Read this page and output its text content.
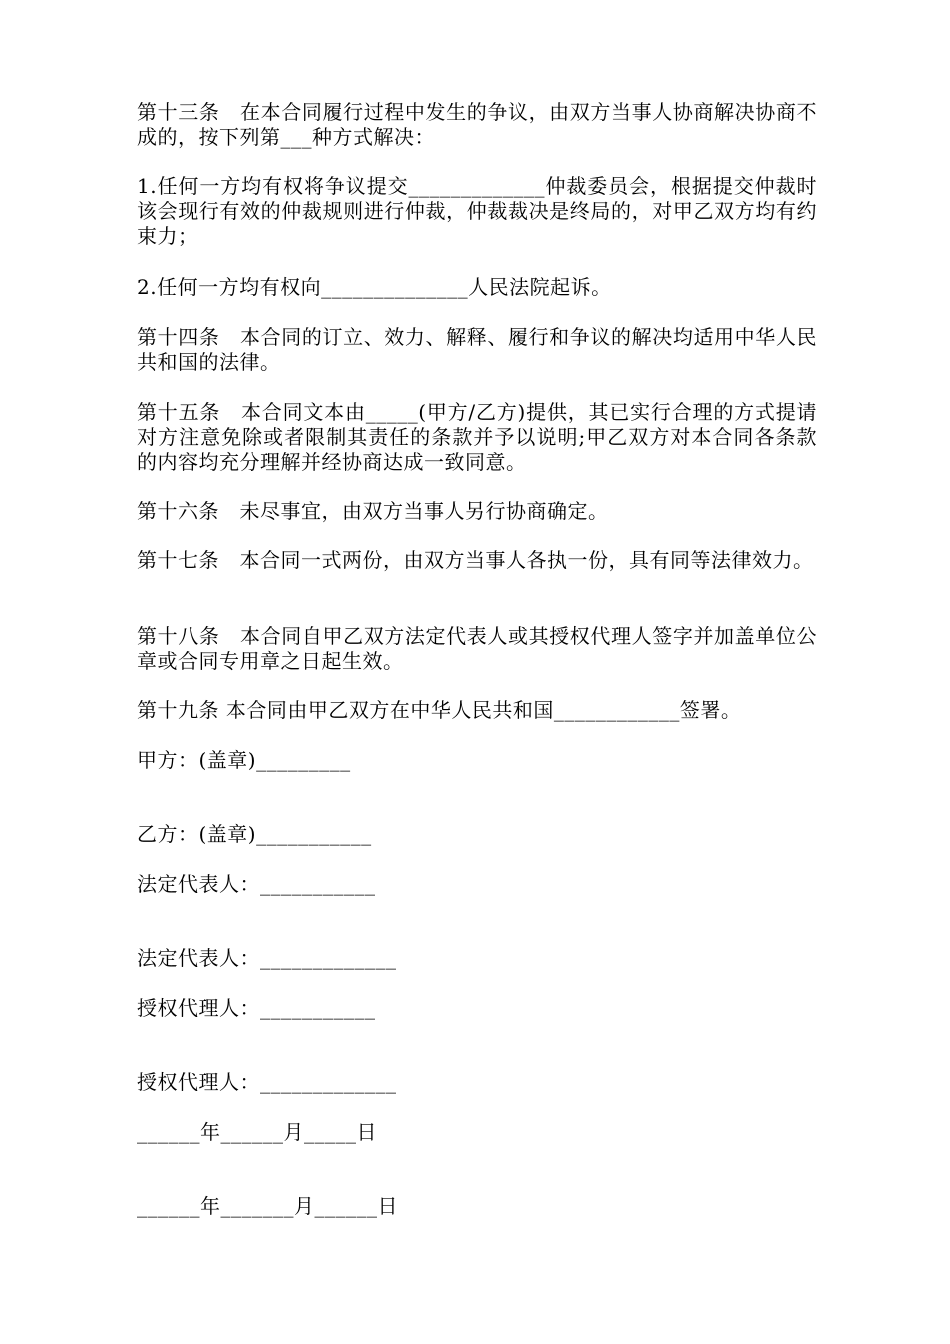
第十三条　在本合同履行过程中发生的争议，由双方当事人协商解决协商不成的，按下列第___种方式解决：
1.任何一方均有权将争议提交_____________仲裁委员会，根据提交仲裁时该会现行有效的仲裁规则进行仲裁，仲裁裁决是终局的，对甲乙双方均有约束力；
2.任何一方均有权向______________人民法院起诉。
第十四条　本合同的订立、效力、解释、履行和争议的解决均适用中华人民共和国的法律。
第十五条　本合同文本由_____(甲方/乙方)提供，其已实行合理的方式提请对方注意免除或者限制其责任的条款并予以说明;甲乙双方对本合同各条款的内容均充分理解并经协商达成一致同意。
第十六条　未尽事宜，由双方当事人另行协商确定。
第十七条　本合同一式两份，由双方当事人各执一份，具有同等法律效力。
第十八条　本合同自甲乙双方法定代表人或其授权代理人签字并加盖单位公章或合同专用章之日起生效。
第十九条 本合同由甲乙双方在中华人民共和国____________签署。
甲方：(盖章)_________
乙方：(盖章)___________
法定代表人：___________
法定代表人：_____________
授权代理人：___________
授权代理人：_____________
______年______月_____日
______年_______月______日
